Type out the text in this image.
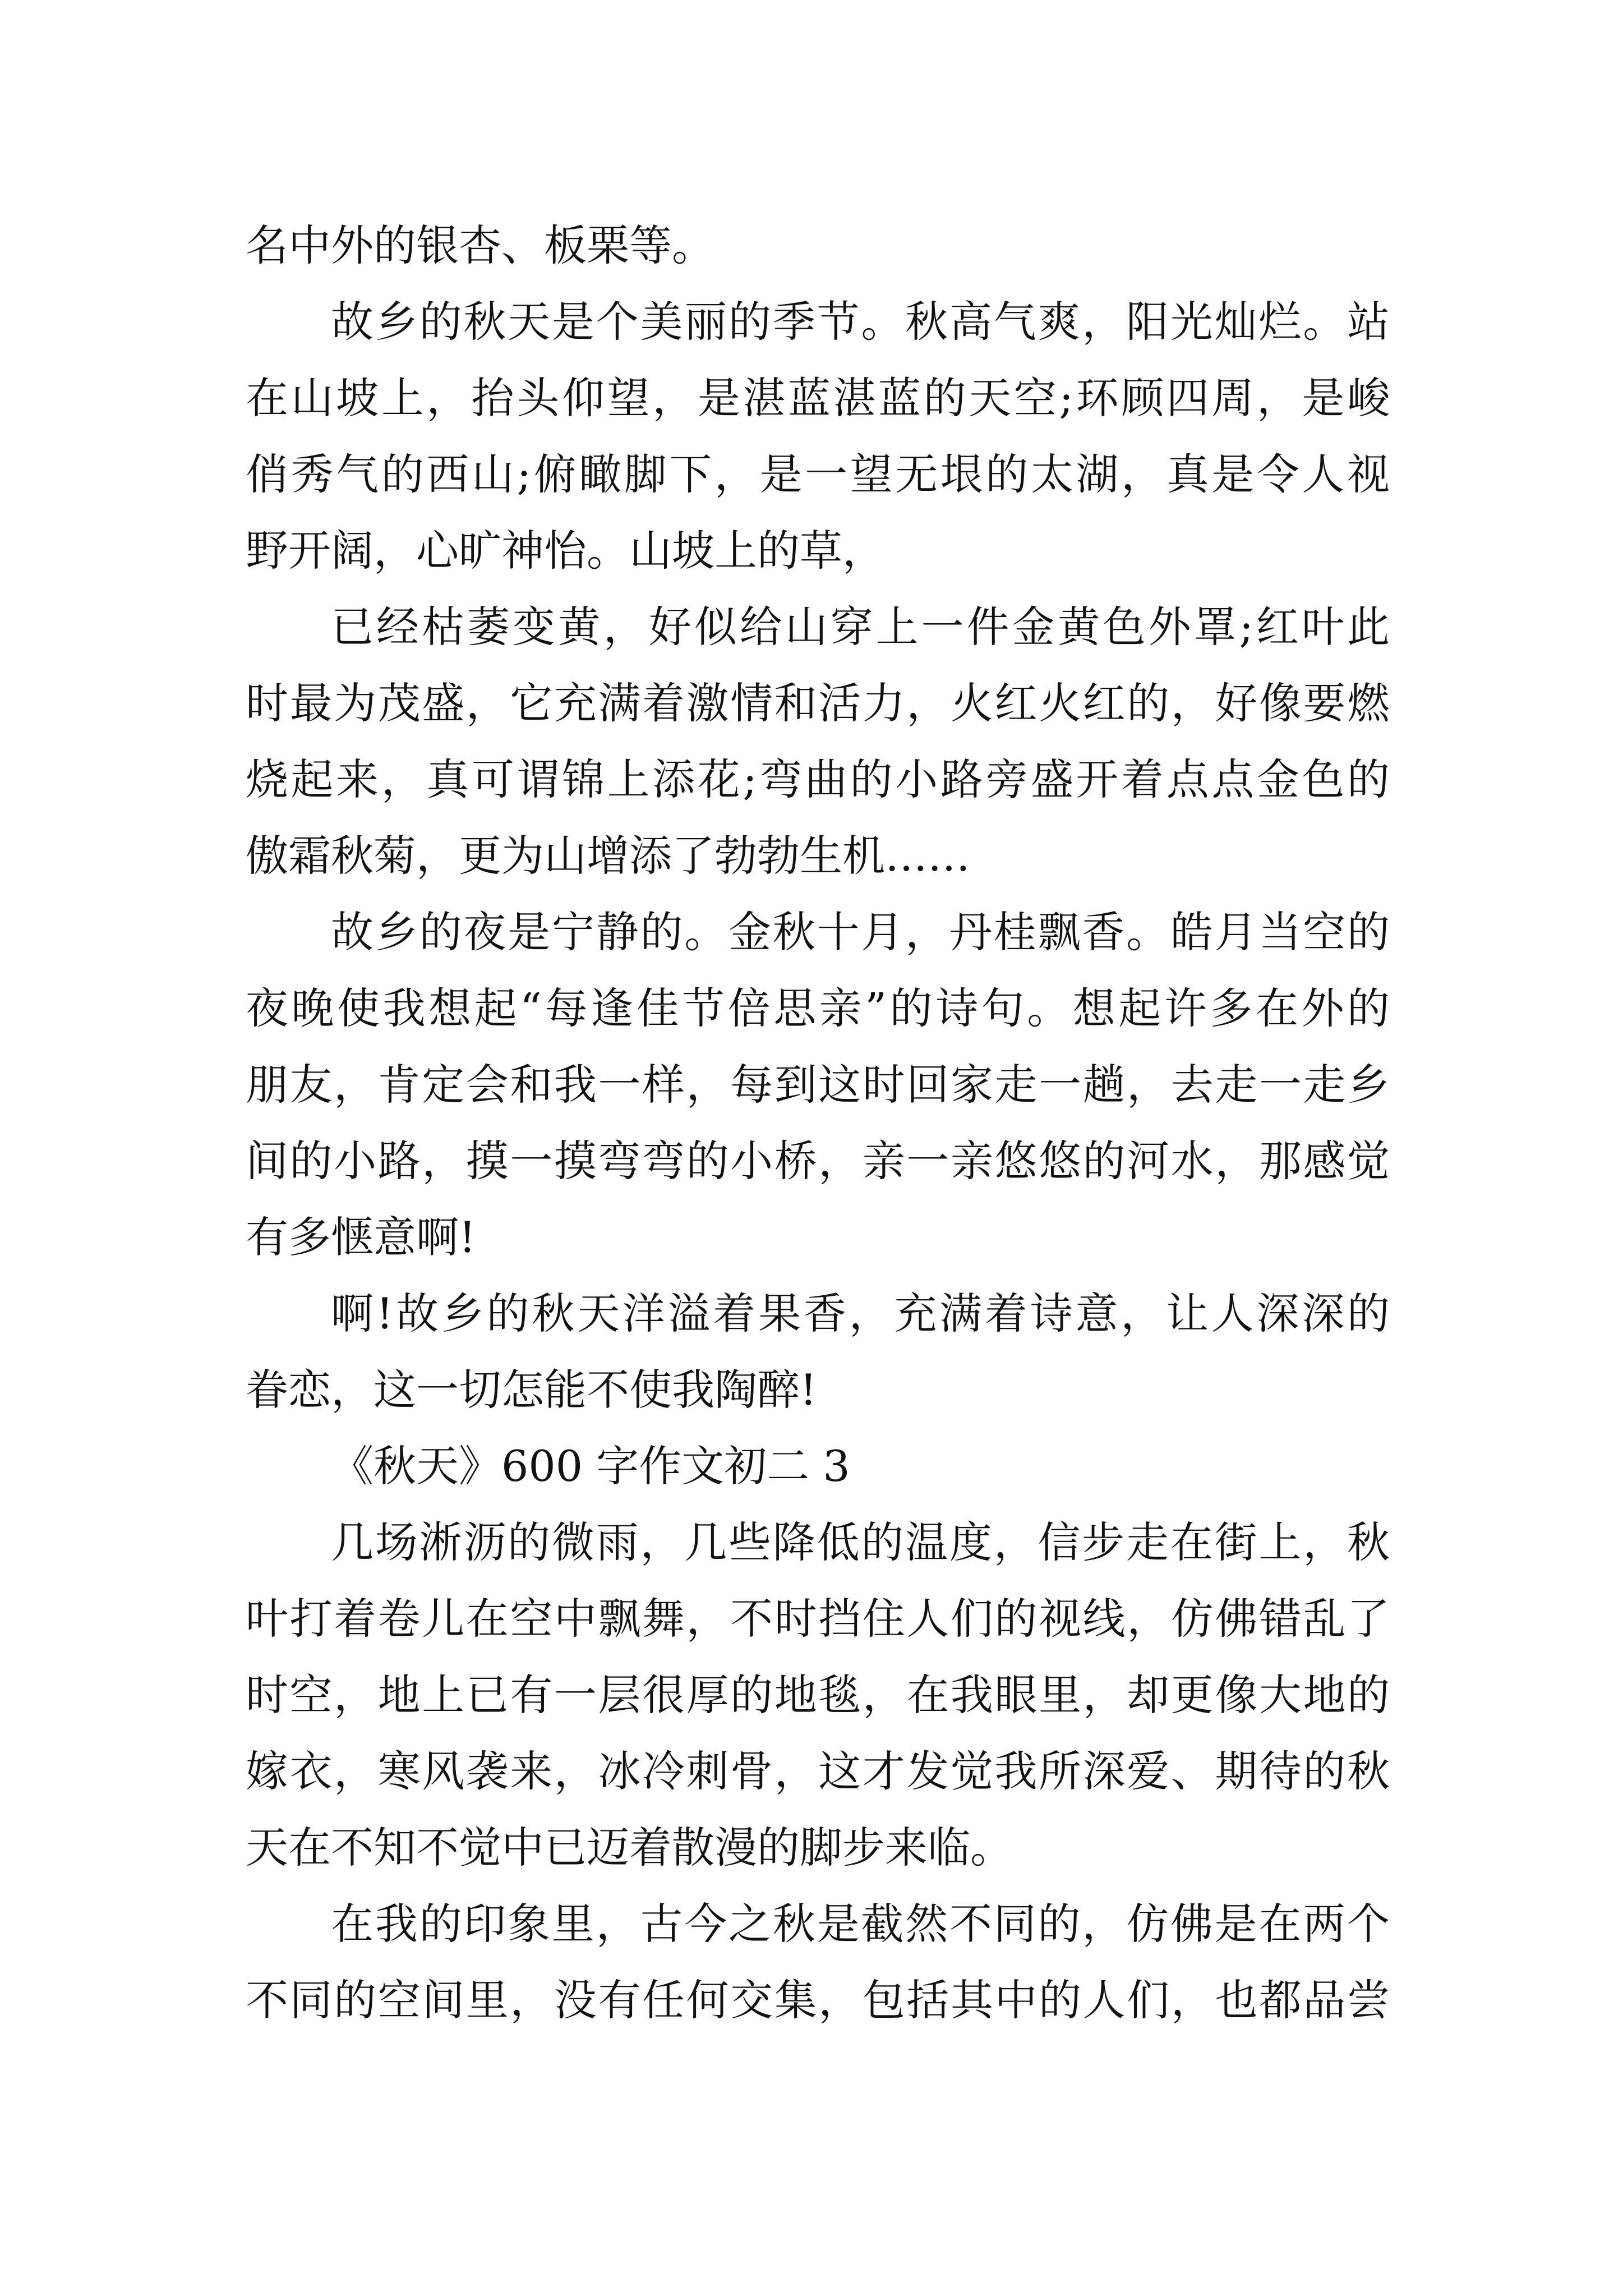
名中外的银杏、板栗等。

故乡的秋天是个美丽的季节。秋高气爽，阳光灿烂。站

在山坡上，抬头仰望，是湛蓝湛蓝的天空;环顾四周，是峻

俏秀气的西山;俯瞰脚下，是一望无垠的太湖，真是令人视

野开阔，心旷神怡。山坡上的草，

已经枯萎变黄，好似给山穿上一件金黄色外罩;红叶此

时最为茂盛，它充满着激情和活力，火红火红的，好像要燃

烧起来，真可谓锦上添花;弯曲的小路旁盛开着点点金色的

傲霜秋菊，更为山增添了勃勃生机……

故乡的夜是宁静的。金秋十月，丹桂飘香。皓月当空的

夜晚使我想起“每逢佳节倍思亲”的诗句。想起许多在外的

朋友，肯定会和我一样，每到这时回家走一趟，去走一走乡

间的小路，摸一摸弯弯的小桥，亲一亲悠悠的河水，那感觉

有多惬意啊!

啊!故乡的秋天洋溢着果香，充满着诗意，让人深深的

眷恋，这一切怎能不使我陶醉!

《秋天》600 字作文初二 3

几场淅沥的微雨，几些降低的温度，信步走在街上，秋

叶打着卷儿在空中飘舞，不时挡住人们的视线，仿佛错乱了

时空，地上已有一层很厚的地毯，在我眼里，却更像大地的

嫁衣，寒风袭来，冰冷刺骨，这才发觉我所深爱、期待的秋

天在不知不觉中已迈着散漫的脚步来临。

在我的印象里，古今之秋是截然不同的，仿佛是在两个

不同的空间里，没有任何交集，包括其中的人们，也都品尝
